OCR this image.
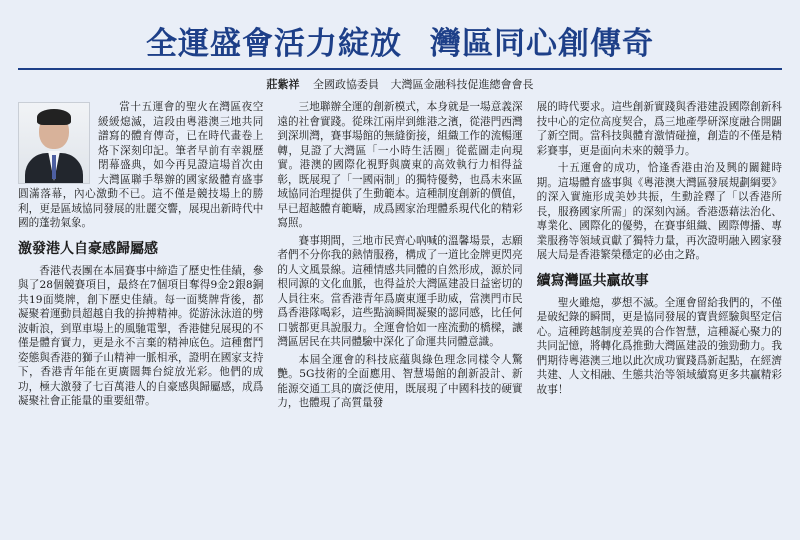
全運盛會活力綻放 灣區同心創傳奇
莊紫祥 全國政協委員 大灣區金融科技促進總會會長

當十五運會的聖火在灣區夜空緩緩熄滅，這段由粵港澳三地共同譜寫的體育傳奇，已在時代畫卷上烙下深刻印記。筆者早前有幸親歷閉幕盛典，如今再見證這場首次由大灣區聯手舉辦的國家級體育盛事圓滿落幕，內心激動不已。這不僅是競技場上的勝利，更是區域協同發展的壯麗交響，展現出新時代中國的蓬勃氣象。

激發港人自豪感歸屬感

香港代表團在本屆賽事中締造了歷史性佳績，參與了28個競賽項目，最終在7個項目奪得9金2銀8銅共19面獎牌，創下歷史佳績。每一面獎牌背後，都凝聚着運動員超越自我的拚搏精神。從游泳泳道的劈波斬浪，到單車場上的風馳電掣，香港健兒展現的不僅是體育實力，更是永不言棄的精神底色。這種奮鬥姿態與香港的獅子山精神一脈相承，證明在國家支持下，香港青年能在更廣闊舞台綻放光彩。他們的成功，極大激發了七百萬港人的自豪感與歸屬感，成爲凝聚社會正能量的重要紐帶。

三地聯辦全運的創新模式，本身就是一場意義深遠的社會實踐。從珠江兩岸到維港之濱，從港門西灣到深圳灣，賽事場館的無縫銜接，組織工作的流暢運轉，見證了大灣區「一小時生活圈」從藍圖走向現實。港澳的國際化視野與廣東的高效執行力相得益彰，既展現了「一國兩制」的獨特優勢，也爲未來區域協同治理提供了生動範本。這種制度創新的價值，早已超越體育範疇，成爲國家治理體系現代化的精彩寫照。

賽事期間，三地市民齊心吶喊的溫馨場景，志願者們不分你我的熱情服務，構成了一道比金牌更閃亮的人文風景線。這種情感共同體的自然形成，源於同根同源的文化血脈，也得益於大灣區建設日益密切的人員往來。當香港青年爲廣東運手助威，當澳門市民爲香港隊喝彩，這些點滴瞬間凝聚的認同感，比任何口號都更具說服力。全運會恰如一座流動的橋樑，讓灣區居民在共同體驗中深化了命運共同體意識。

本屆全運會的科技底蘊與綠色理念同樣令人驚艷。5G技術的全面應用、智慧場館的創新設計、新能源交通工具的廣泛使用，既展現了中國科技的硬實力，也體現了高質量發

展的時代要求。這些創新實踐與香港建設國際創新科技中心的定位高度契合，爲三地產學研深度融合開闢了新空間。當科技與體育激情碰撞，創造的不僅是精彩賽事，更是面向未來的競爭力。

十五運會的成功，恰逢香港由治及興的關鍵時期。這場體育盛事與《粵港澳大灣區發展規劃綱要》的深入實施形成美妙共振，生動詮釋了「以香港所長，服務國家所需」的深刻內涵。香港憑藉法治化、專業化、國際化的優勢，在賽事組織、國際傳播、專業服務等領域貢獻了獨特力量，再次證明融入國家發展大局是香港繁榮穩定的必由之路。

續寫灣區共贏故事

聖火雖熄，夢想不滅。全運會留給我們的，不僅是破紀錄的瞬間，更是協同發展的寶貴經驗與堅定信心。這種跨越制度差異的合作智慧，這種凝心聚力的共同記憶，將轉化爲推動大灣區建設的強勁動力。我們期待粵港澳三地以此次成功實踐爲新起點，在經濟共建、人文相融、生態共治等領域續寫更多共贏精彩故事！
